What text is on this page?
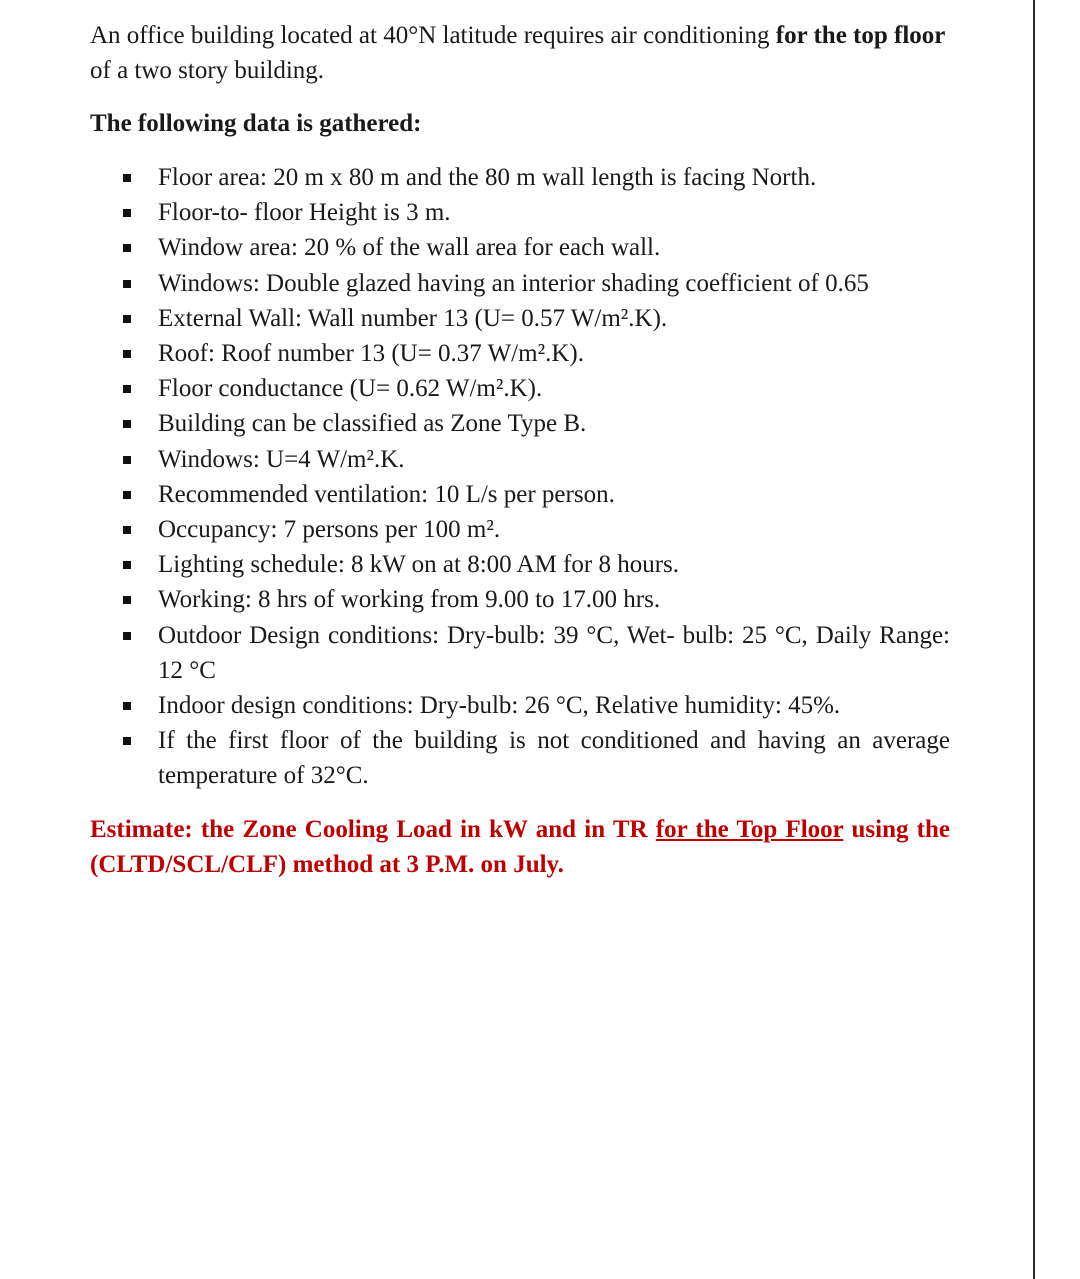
An office building located at 40°N latitude requires air conditioning for the top floor of a two story building.

The following data is gathered:

Floor area: 20 m x 80 m and the 80 m wall length is facing North.
Floor-to- floor Height is 3 m.
Window area: 20 % of the wall area for each wall.
Windows: Double glazed having an interior shading coefficient of 0.65
External Wall: Wall number 13 (U= 0.57 W/m².K).
Roof: Roof number 13 (U= 0.37 W/m².K).
Floor conductance (U= 0.62 W/m².K).
Building can be classified as Zone Type B.
Windows: U=4 W/m².K.
Recommended ventilation: 10 L/s per person.
Occupancy: 7 persons per 100 m².
Lighting schedule: 8 kW on at 8:00 AM for 8 hours.
Working: 8 hrs of working from 9.00 to 17.00 hrs.
Outdoor Design conditions: Dry-bulb: 39 °C, Wet- bulb: 25 °C, Daily Range: 12 °C
Indoor design conditions: Dry-bulb: 26 °C, Relative humidity: 45%.
If the first floor of the building is not conditioned and having an average temperature of 32°C.

Estimate: the Zone Cooling Load in kW and in TR for the Top Floor using the (CLTD/SCL/CLF) method at 3 P.M. on July.
